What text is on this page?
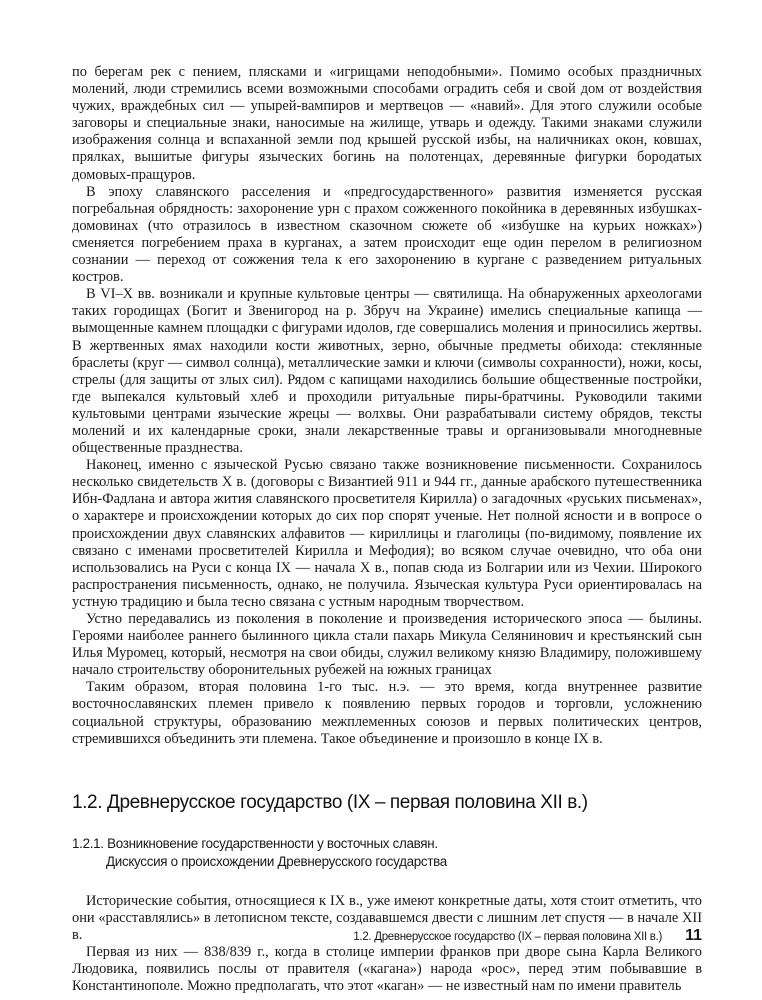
по берегам рек с пением, плясками и «игрищами неподобными». Помимо особых праздничных молений, люди стремились всеми возможными способами оградить себя и свой дом от воздействия чужих, враждебных сил — упырей-вампиров и мертвецов — «навий». Для этого служили особые заговоры и специальные знаки, наносимые на жилище, утварь и одежду. Такими знаками служили изображения солнца и вспаханной земли под крышей русской избы, на наличниках окон, ковшах, прялках, вышитые фигуры языческих богинь на полотенцах, деревянные фигурки бородатых домовых-пращуров.

В эпоху славянского расселения и «предгосударственного» развития изменяется русская погребальная обрядность: захоронение урн с прахом сожженного покойника в деревянных избушках-домовинах (что отразилось в известном сказочном сюжете об «избушке на курьих ножках») сменяется погребением праха в курганах, а затем происходит еще один перелом в религиозном сознании — переход от сожжения тела к его захоронению в кургане с разведением ритуальных костров.

В VI–X вв. возникали и крупные культовые центры — святилища. На обнаруженных археологами таких городищах (Богит и Звенигород на р. Збруч на Украине) имелись специальные капища — вымощенные камнем площадки с фигурами идолов, где совершались моления и приносились жертвы. В жертвенных ямах находили кости животных, зерно, обычные предметы обихода: стеклянные браслеты (круг — символ солнца), металлические замки и ключи (символы сохранности), ножи, косы, стрелы (для защиты от злых сил). Рядом с капищами находились большие общественные постройки, где выпекался культовый хлеб и проходили ритуальные пиры-братчины. Руководили такими культовыми центрами языческие жрецы — волхвы. Они разрабатывали систему обрядов, тексты молений и их календарные сроки, знали лекарственные травы и организовывали многодневные общественные празднества.

Наконец, именно с языческой Русью связано также возникновение письменности. Сохранилось несколько свидетельств X в. (договоры с Византией 911 и 944 гг., данные арабского путешественника Ибн-Фадлана и автора жития славянского просветителя Кирилла) о загадочных «руських письменах», о характере и происхождении которых до сих пор спорят ученые. Нет полной ясности и в вопросе о происхождении двух славянских алфавитов — кириллицы и глаголицы (по-видимому, появление их связано с именами просветителей Кирилла и Мефодия); во всяком случае очевидно, что оба они использовались на Руси с конца IX — начала X в., попав сюда из Болгарии или из Чехии. Широкого распространения письменность, однако, не получила. Языческая культура Руси ориентировалась на устную традицию и была тесно связана с устным народным творчеством.

Устно передавались из поколения в поколение и произведения исторического эпоса — былины. Героями наиболее раннего былинного цикла стали пахарь Микула Селянинович и крестьянский сын Илья Муромец, который, несмотря на свои обиды, служил великому князю Владимиру, положившему начало строительству оборонительных рубежей на южных границах

Таким образом, вторая половина 1-го тыс. н.э. — это время, когда внутреннее развитие восточнославянских племен привело к появлению первых городов и торговли, усложнению социальной структуры, образованию межплеменных союзов и первых политических центров, стремившихся объединить эти племена. Такое объединение и произошло в конце IX в.

1.2. Древнерусское государство (IX – первая половина XII в.)
1.2.1. Возникновение государственности у восточных славян.
Дискуссия о происхождении Древнерусского государства

Исторические события, относящиеся к IX в., уже имеют конкретные даты, хотя стоит отметить, что они «расставлялись» в летописном тексте, создававшемся двести с лишним лет спустя — в начале XII в.

Первая из них — 838/839 г., когда в столице империи франков при дворе сына Карла Великого Людовика, появились послы от правителя («кагана») народа «рос», перед этим побывавшие в Константинополе. Можно предполагать, что этот «каган» — не известный нам по имени правитель

1.2. Древнерусское государство (IX – первая половина XII в.) 11
